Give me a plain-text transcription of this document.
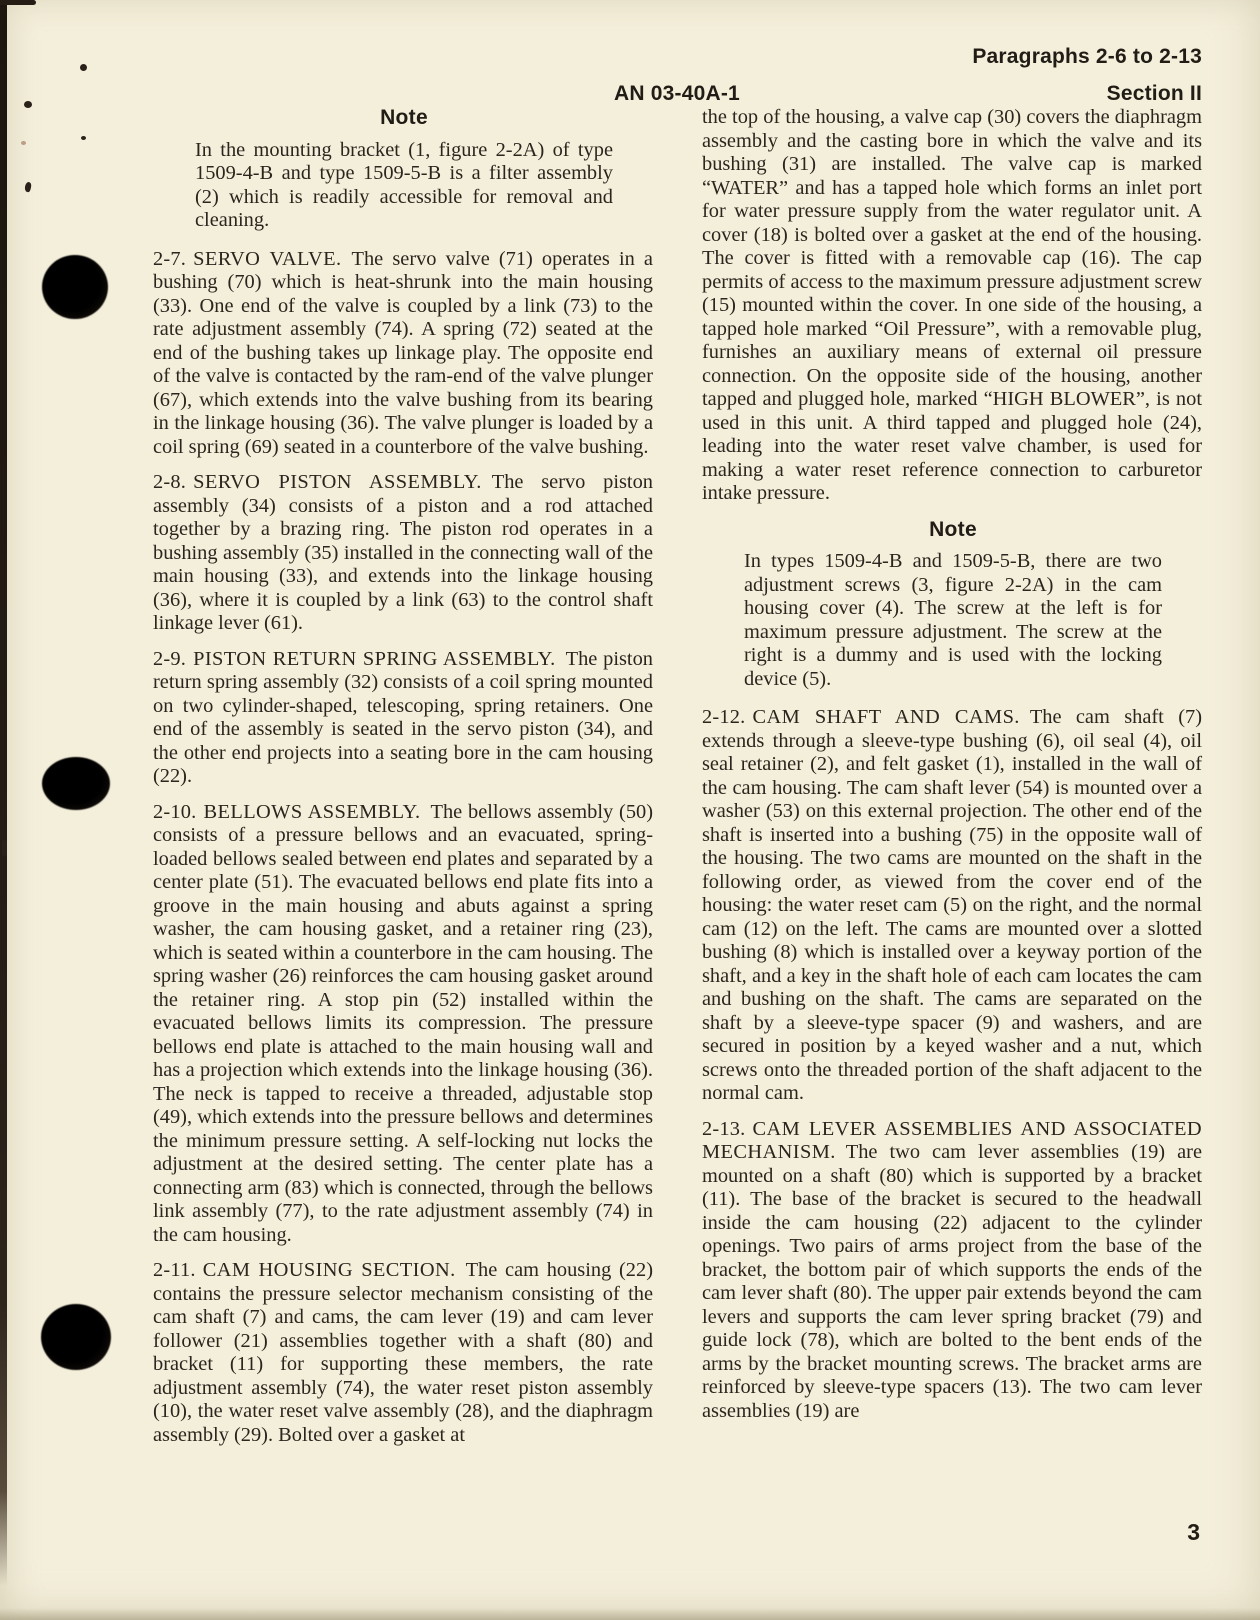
Paragraphs 2-6 to 2-13
AN 03-40A-1	Section II
Note

In the mounting bracket (1, figure 2-2A) of type 1509-4-B and type 1509-5-B is a filter assembly (2) which is readily accessible for removal and cleaning.

2-7. SERVO VALVE. The servo valve (71) operates in a bushing (70) which is heat-shrunk into the main housing (33). One end of the valve is coupled by a link (73) to the rate adjustment assembly (74). A spring (72) seated at the end of the bushing takes up linkage play. The opposite end of the valve is contacted by the ram-end of the valve plunger (67), which extends into the valve bushing from its bearing in the linkage housing (36). The valve plunger is loaded by a coil spring (69) seated in a counterbore of the valve bushing.

2-8. SERVO PISTON ASSEMBLY. The servo piston assembly (34) consists of a piston and a rod attached together by a brazing ring. The piston rod operates in a bushing assembly (35) installed in the connecting wall of the main housing (33), and extends into the linkage housing (36), where it is coupled by a link (63) to the control shaft linkage lever (61).

2-9. PISTON RETURN SPRING ASSEMBLY. The piston return spring assembly (32) consists of a coil spring mounted on two cylinder-shaped, telescoping, spring retainers. One end of the assembly is seated in the servo piston (34), and the other end projects into a seating bore in the cam housing (22).

2-10. BELLOWS ASSEMBLY. The bellows assembly (50) consists of a pressure bellows and an evacuated, spring-loaded bellows sealed between end plates and separated by a center plate (51). The evacuated bellows end plate fits into a groove in the main housing and abuts against a spring washer, the cam housing gasket, and a retainer ring (23), which is seated within a counterbore in the cam housing. The spring washer (26) reinforces the cam housing gasket around the retainer ring. A stop pin (52) installed within the evacuated bellows limits its compression. The pressure bellows end plate is attached to the main housing wall and has a projection which extends into the linkage housing (36). The neck is tapped to receive a threaded, adjustable stop (49), which extends into the pressure bellows and determines the minimum pressure setting. A self-locking nut locks the adjustment at the desired setting. The center plate has a connecting arm (83) which is connected, through the bellows link assembly (77), to the rate adjustment assembly (74) in the cam housing.

2-11. CAM HOUSING SECTION. The cam housing (22) contains the pressure selector mechanism consisting of the cam shaft (7) and cams, the cam lever (19) and cam lever follower (21) assemblies together with a shaft (80) and bracket (11) for supporting these members, the rate adjustment assembly (74), the water reset piston assembly (10), the water reset valve assembly (28), and the diaphragm assembly (29). Bolted over a gasket at

the top of the housing, a valve cap (30) covers the diaphragm assembly and the casting bore in which the valve and its bushing (31) are installed. The valve cap is marked “WATER” and has a tapped hole which forms an inlet port for water pressure supply from the water regulator unit. A cover (18) is bolted over a gasket at the end of the housing. The cover is fitted with a removable cap (16). The cap permits of access to the maximum pressure adjustment screw (15) mounted within the cover. In one side of the housing, a tapped hole marked “Oil Pressure”, with a removable plug, furnishes an auxiliary means of external oil pressure connection. On the opposite side of the housing, another tapped and plugged hole, marked “HIGH BLOWER”, is not used in this unit. A third tapped and plugged hole (24), leading into the water reset valve chamber, is used for making a water reset reference connection to carburetor intake pressure.

Note

In types 1509-4-B and 1509-5-B, there are two adjustment screws (3, figure 2-2A) in the cam housing cover (4). The screw at the left is for maximum pressure adjustment. The screw at the right is a dummy and is used with the locking device (5).

2-12. CAM SHAFT AND CAMS. The cam shaft (7) extends through a sleeve-type bushing (6), oil seal (4), oil seal retainer (2), and felt gasket (1), installed in the wall of the cam housing. The cam shaft lever (54) is mounted over a washer (53) on this external projection. The other end of the shaft is inserted into a bushing (75) in the opposite wall of the housing. The two cams are mounted on the shaft in the following order, as viewed from the cover end of the housing: the water reset cam (5) on the right, and the normal cam (12) on the left. The cams are mounted over a slotted bushing (8) which is installed over a keyway portion of the shaft, and a key in the shaft hole of each cam locates the cam and bushing on the shaft. The cams are separated on the shaft by a sleeve-type spacer (9) and washers, and are secured in position by a keyed washer and a nut, which screws onto the threaded portion of the shaft adjacent to the normal cam.

2-13. CAM LEVER ASSEMBLIES AND ASSOCIATED MECHANISM. The two cam lever assemblies (19) are mounted on a shaft (80) which is supported by a bracket (11). The base of the bracket is secured to the headwall inside the cam housing (22) adjacent to the cylinder openings. Two pairs of arms project from the base of the bracket, the bottom pair of which supports the ends of the cam lever shaft (80). The upper pair extends beyond the cam levers and supports the cam lever spring bracket (79) and guide lock (78), which are bolted to the bent ends of the arms by the bracket mounting screws. The bracket arms are reinforced by sleeve-type spacers (13). The two cam lever assemblies (19) are

3
